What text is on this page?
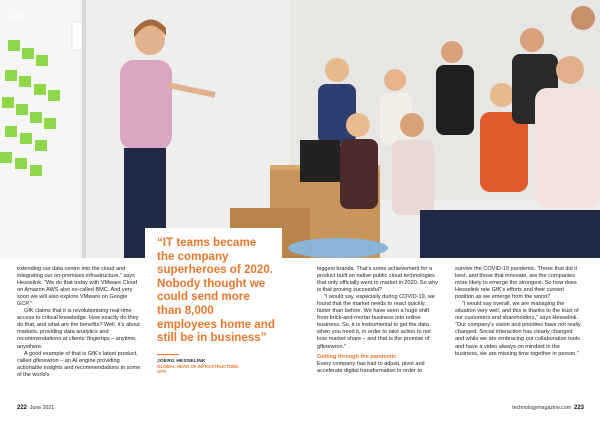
GFK

“IT teams became the company superheroes of 2020. Nobody thought we could send more than 8,000 employees home and still be in business”

JOERG HESSELINK
GLOBAL HEAD OF INFRASTRUCTURE,
GFK

extending our data centre into the cloud and integrating our on-premises infrastructure,” says Hesselink. “We do that today with VMware Cloud on Amazon AWS also so-called BMC. And very soon we will also explore VMware on Google GCP.”

GfK claims that it is revolutionising real-time access to critical knowledge. How exactly do they do that, and what are the benefits? Well, it’s about markets, providing data analytics and recommendations at clients’ fingertips – anytime, anywhere.

A good example of that is GfK’s latest product, called gfknewron – an AI engine providing actionable insights and recommendations to some of the world’s

biggest brands. That’s some achievement for a product built on native public cloud technologies that only officially went to market in 2020. So why is that proving successful?

“I would say, especially during COVID-19, we found that the market needs to react quickly, faster than before. We have seen a huge shift from brick-and-mortar business into online business. So, it is instrumental to get the data when you need it, in order to take action to not lose market share – and that is the promise of gfknewron.”

Getting through the pandemic

Every company has had to adjust, pivot and accelerate digital transformation in order to

survive the COVID-19 pandemic. Those that did it best, and those that innovate, are the companies more likely to emerge the strongest. So how does Hesselink rate GfK’s efforts and their current position as we emerge from the worst?

“I would say overall, we are managing the situation very well, and this is thanks to the trust of our customers and shareholders,” says Hesselink. “Our company’s vision and priorities have not really changed. Social interaction has clearly changed and while we are embracing our collaboration tools and have a video always-on mindset in the business, we are missing time together in person.”

222 June 2021	technologymagazine.com 223
